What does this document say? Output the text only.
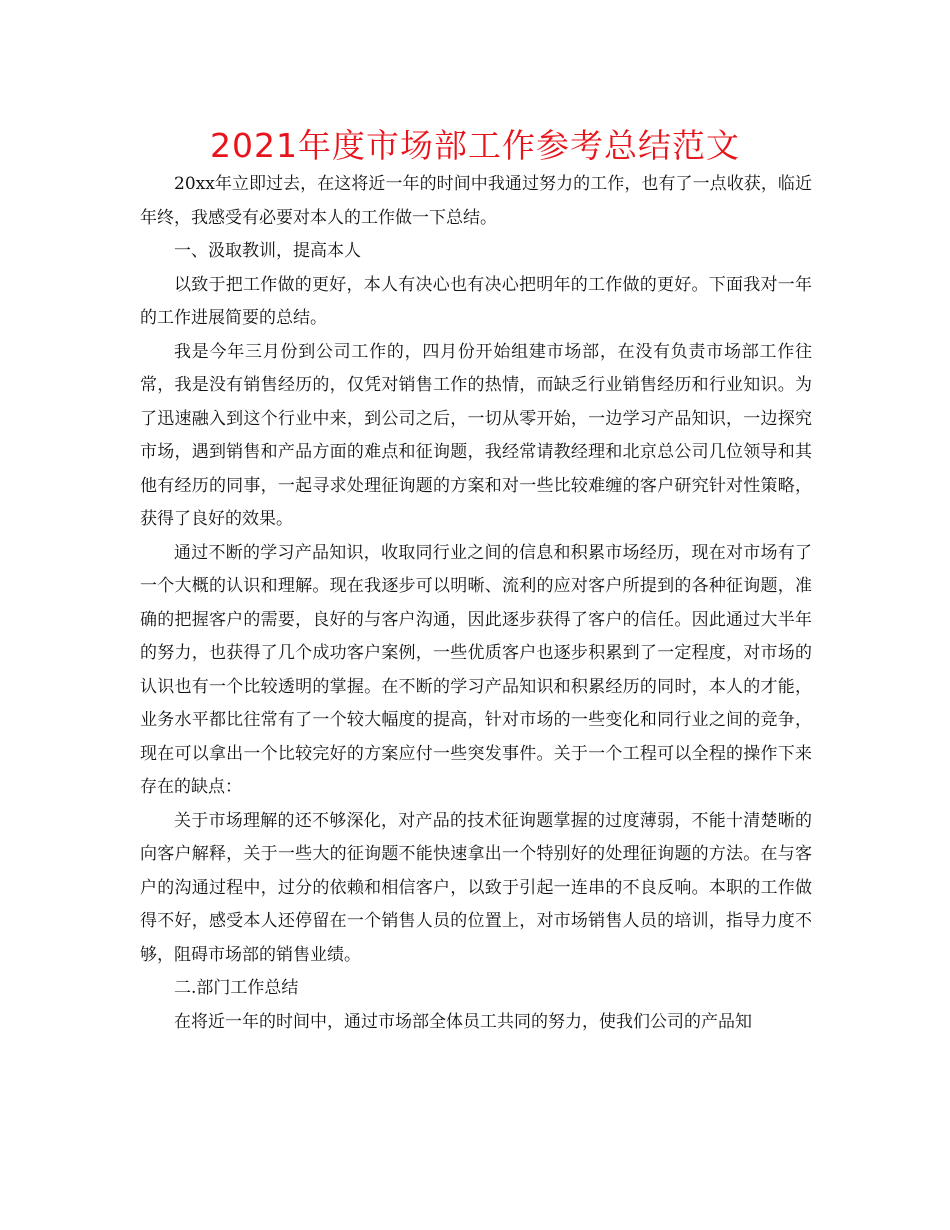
2021年度市场部工作参考总结范文

20xx年立即过去，在这将近一年的时间中我通过努力的工作，也有了一点收获，临近年终，我感受有必要对本人的工作做一下总结。

一、汲取教训，提高本人

以致于把工作做的更好，本人有决心也有决心把明年的工作做的更好。下面我对一年的工作进展简要的总结。

我是今年三月份到公司工作的，四月份开始组建市场部，在没有负责市场部工作往常，我是没有销售经历的，仅凭对销售工作的热情，而缺乏行业销售经历和行业知识。为了迅速融入到这个行业中来，到公司之后，一切从零开始，一边学习产品知识，一边探究市场，遇到销售和产品方面的难点和征询题，我经常请教经理和北京总公司几位领导和其他有经历的同事，一起寻求处理征询题的方案和对一些比较难缠的客户研究针对性策略，获得了良好的效果。

通过不断的学习产品知识，收取同行业之间的信息和积累市场经历，现在对市场有了一个大概的认识和理解。现在我逐步可以明晰、流利的应对客户所提到的各种征询题，准确的把握客户的需要，良好的与客户沟通，因此逐步获得了客户的信任。因此通过大半年的努力，也获得了几个成功客户案例，一些优质客户也逐步积累到了一定程度，对市场的认识也有一个比较透明的掌握。在不断的学习产品知识和积累经历的同时，本人的才能，业务水平都比往常有了一个较大幅度的提高，针对市场的一些变化和同行业之间的竞争，现在可以拿出一个比较完好的方案应付一些突发事件。关于一个工程可以全程的操作下来存在的缺点：

关于市场理解的还不够深化，对产品的技术征询题掌握的过度薄弱，不能十清楚晰的向客户解释，关于一些大的征询题不能快速拿出一个特别好的处理征询题的方法。在与客户的沟通过程中，过分的依赖和相信客户，以致于引起一连串的不良反响。本职的工作做得不好，感受本人还停留在一个销售人员的位置上，对市场销售人员的培训，指导力度不够，阻碍市场部的销售业绩。

二.部门工作总结

在将近一年的时间中，通过市场部全体员工共同的努力，使我们公司的产品知
